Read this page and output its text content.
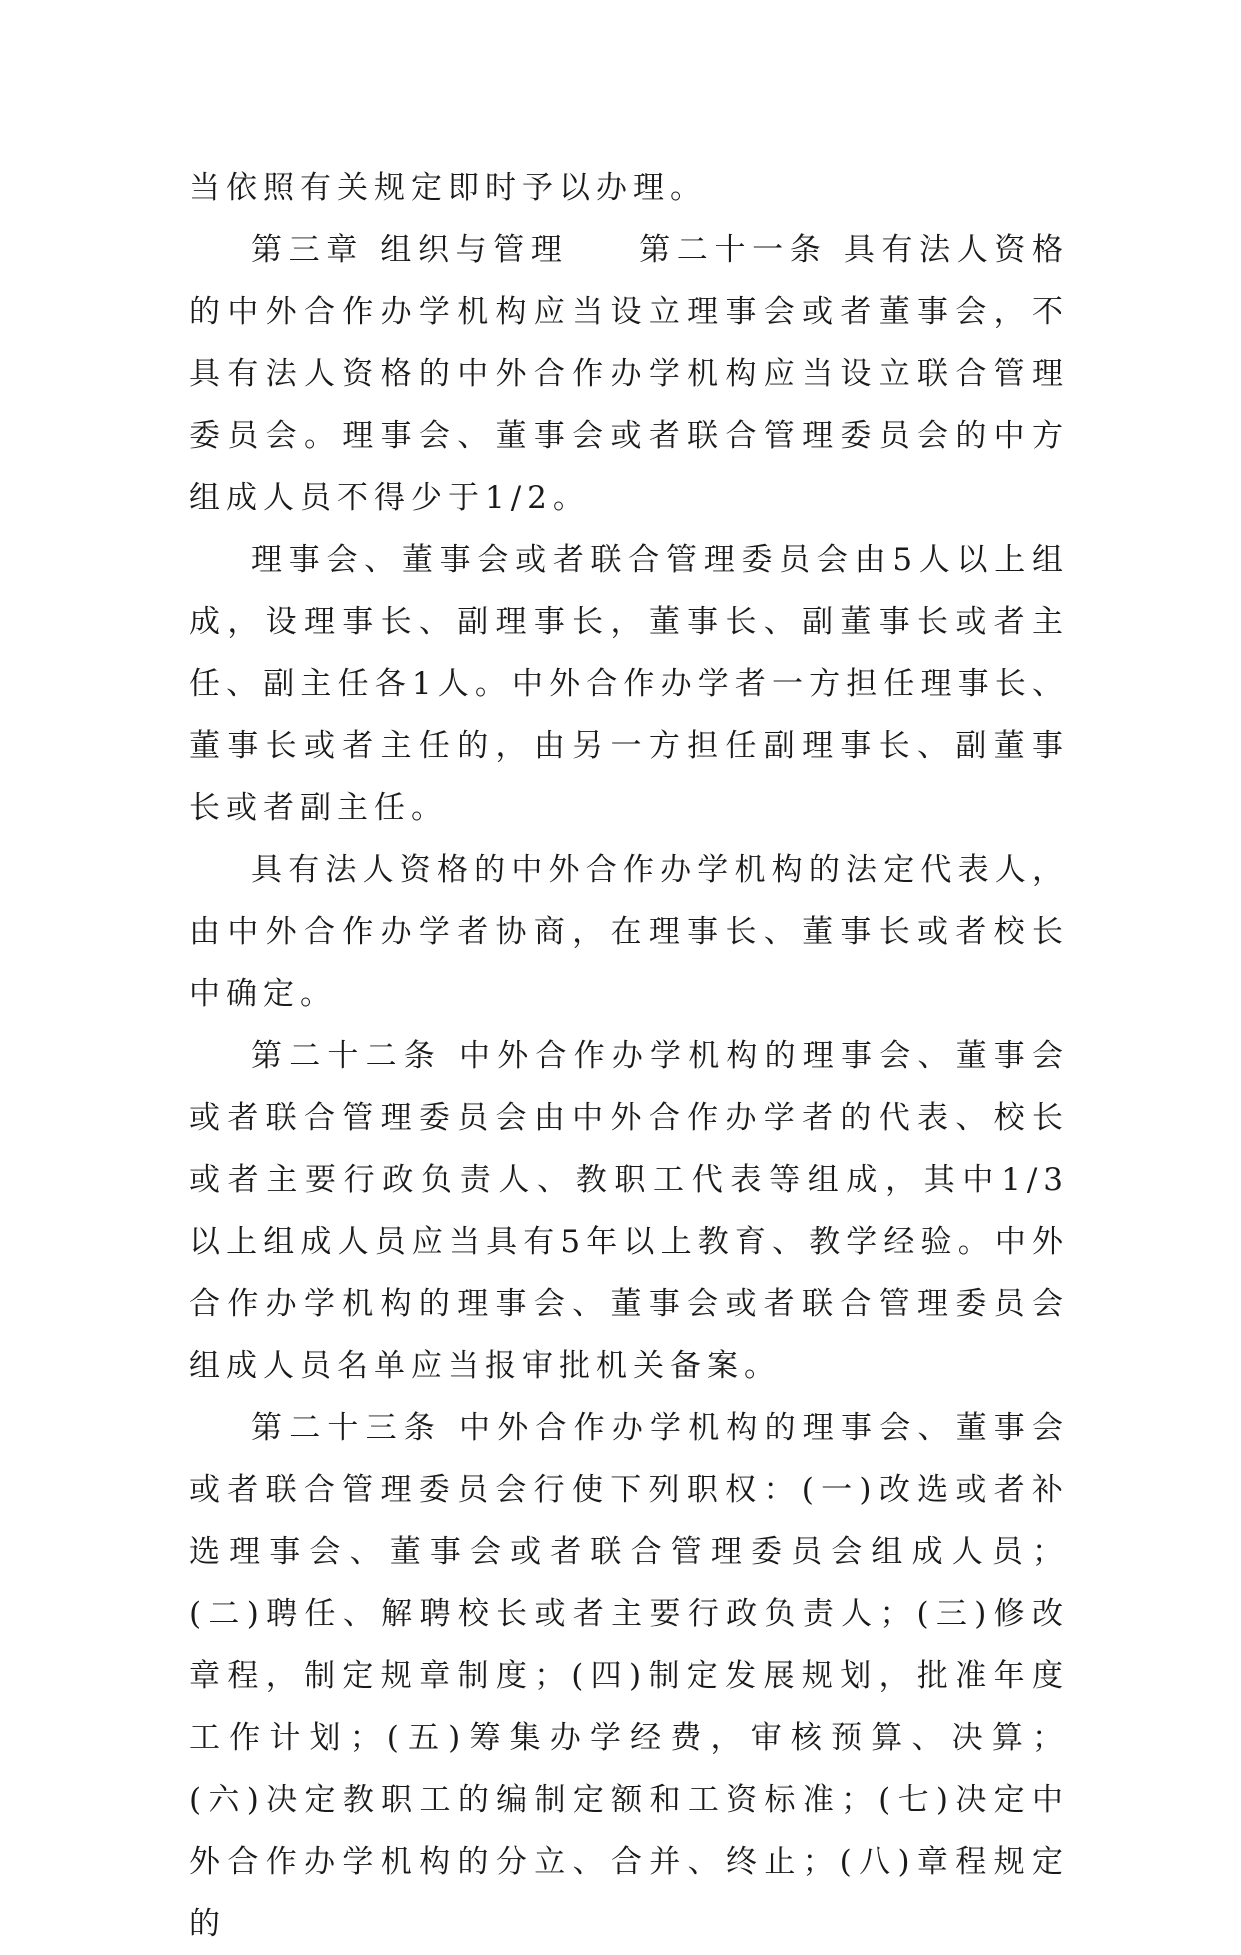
当依照有关规定即时予以办理。

第三章 组织与管理 第二十一条 具有法人资格的中外合作办学机构应当设立理事会或者董事会，不具有法人资格的中外合作办学机构应当设立联合管理委员会。理事会、董事会或者联合管理委员会的中方组成人员不得少于1/2。

理事会、董事会或者联合管理委员会由5人以上组成，设理事长、副理事长，董事长、副董事长或者主任、副主任各1人。中外合作办学者一方担任理事长、董事长或者主任的，由另一方担任副理事长、副董事长或者副主任。

具有法人资格的中外合作办学机构的法定代表人，由中外合作办学者协商，在理事长、董事长或者校长中确定。

第二十二条 中外合作办学机构的理事会、董事会或者联合管理委员会由中外合作办学者的代表、校长或者主要行政负责人、教职工代表等组成，其中1/3以上组成人员应当具有5年以上教育、教学经验。中外合作办学机构的理事会、董事会或者联合管理委员会组成人员名单应当报审批机关备案。

第二十三条 中外合作办学机构的理事会、董事会或者联合管理委员会行使下列职权：(一)改选或者补选理事会、董事会或者联合管理委员会组成人员；(二)聘任、解聘校长或者主要行政负责人；(三)修改章程，制定规章制度；(四)制定发展规划，批准年度工作计划；(五)筹集办学经费，审核预算、决算；(六)决定教职工的编制定额和工资标准；(七)决定中外合作办学机构的分立、合并、终止；(八)章程规定的
